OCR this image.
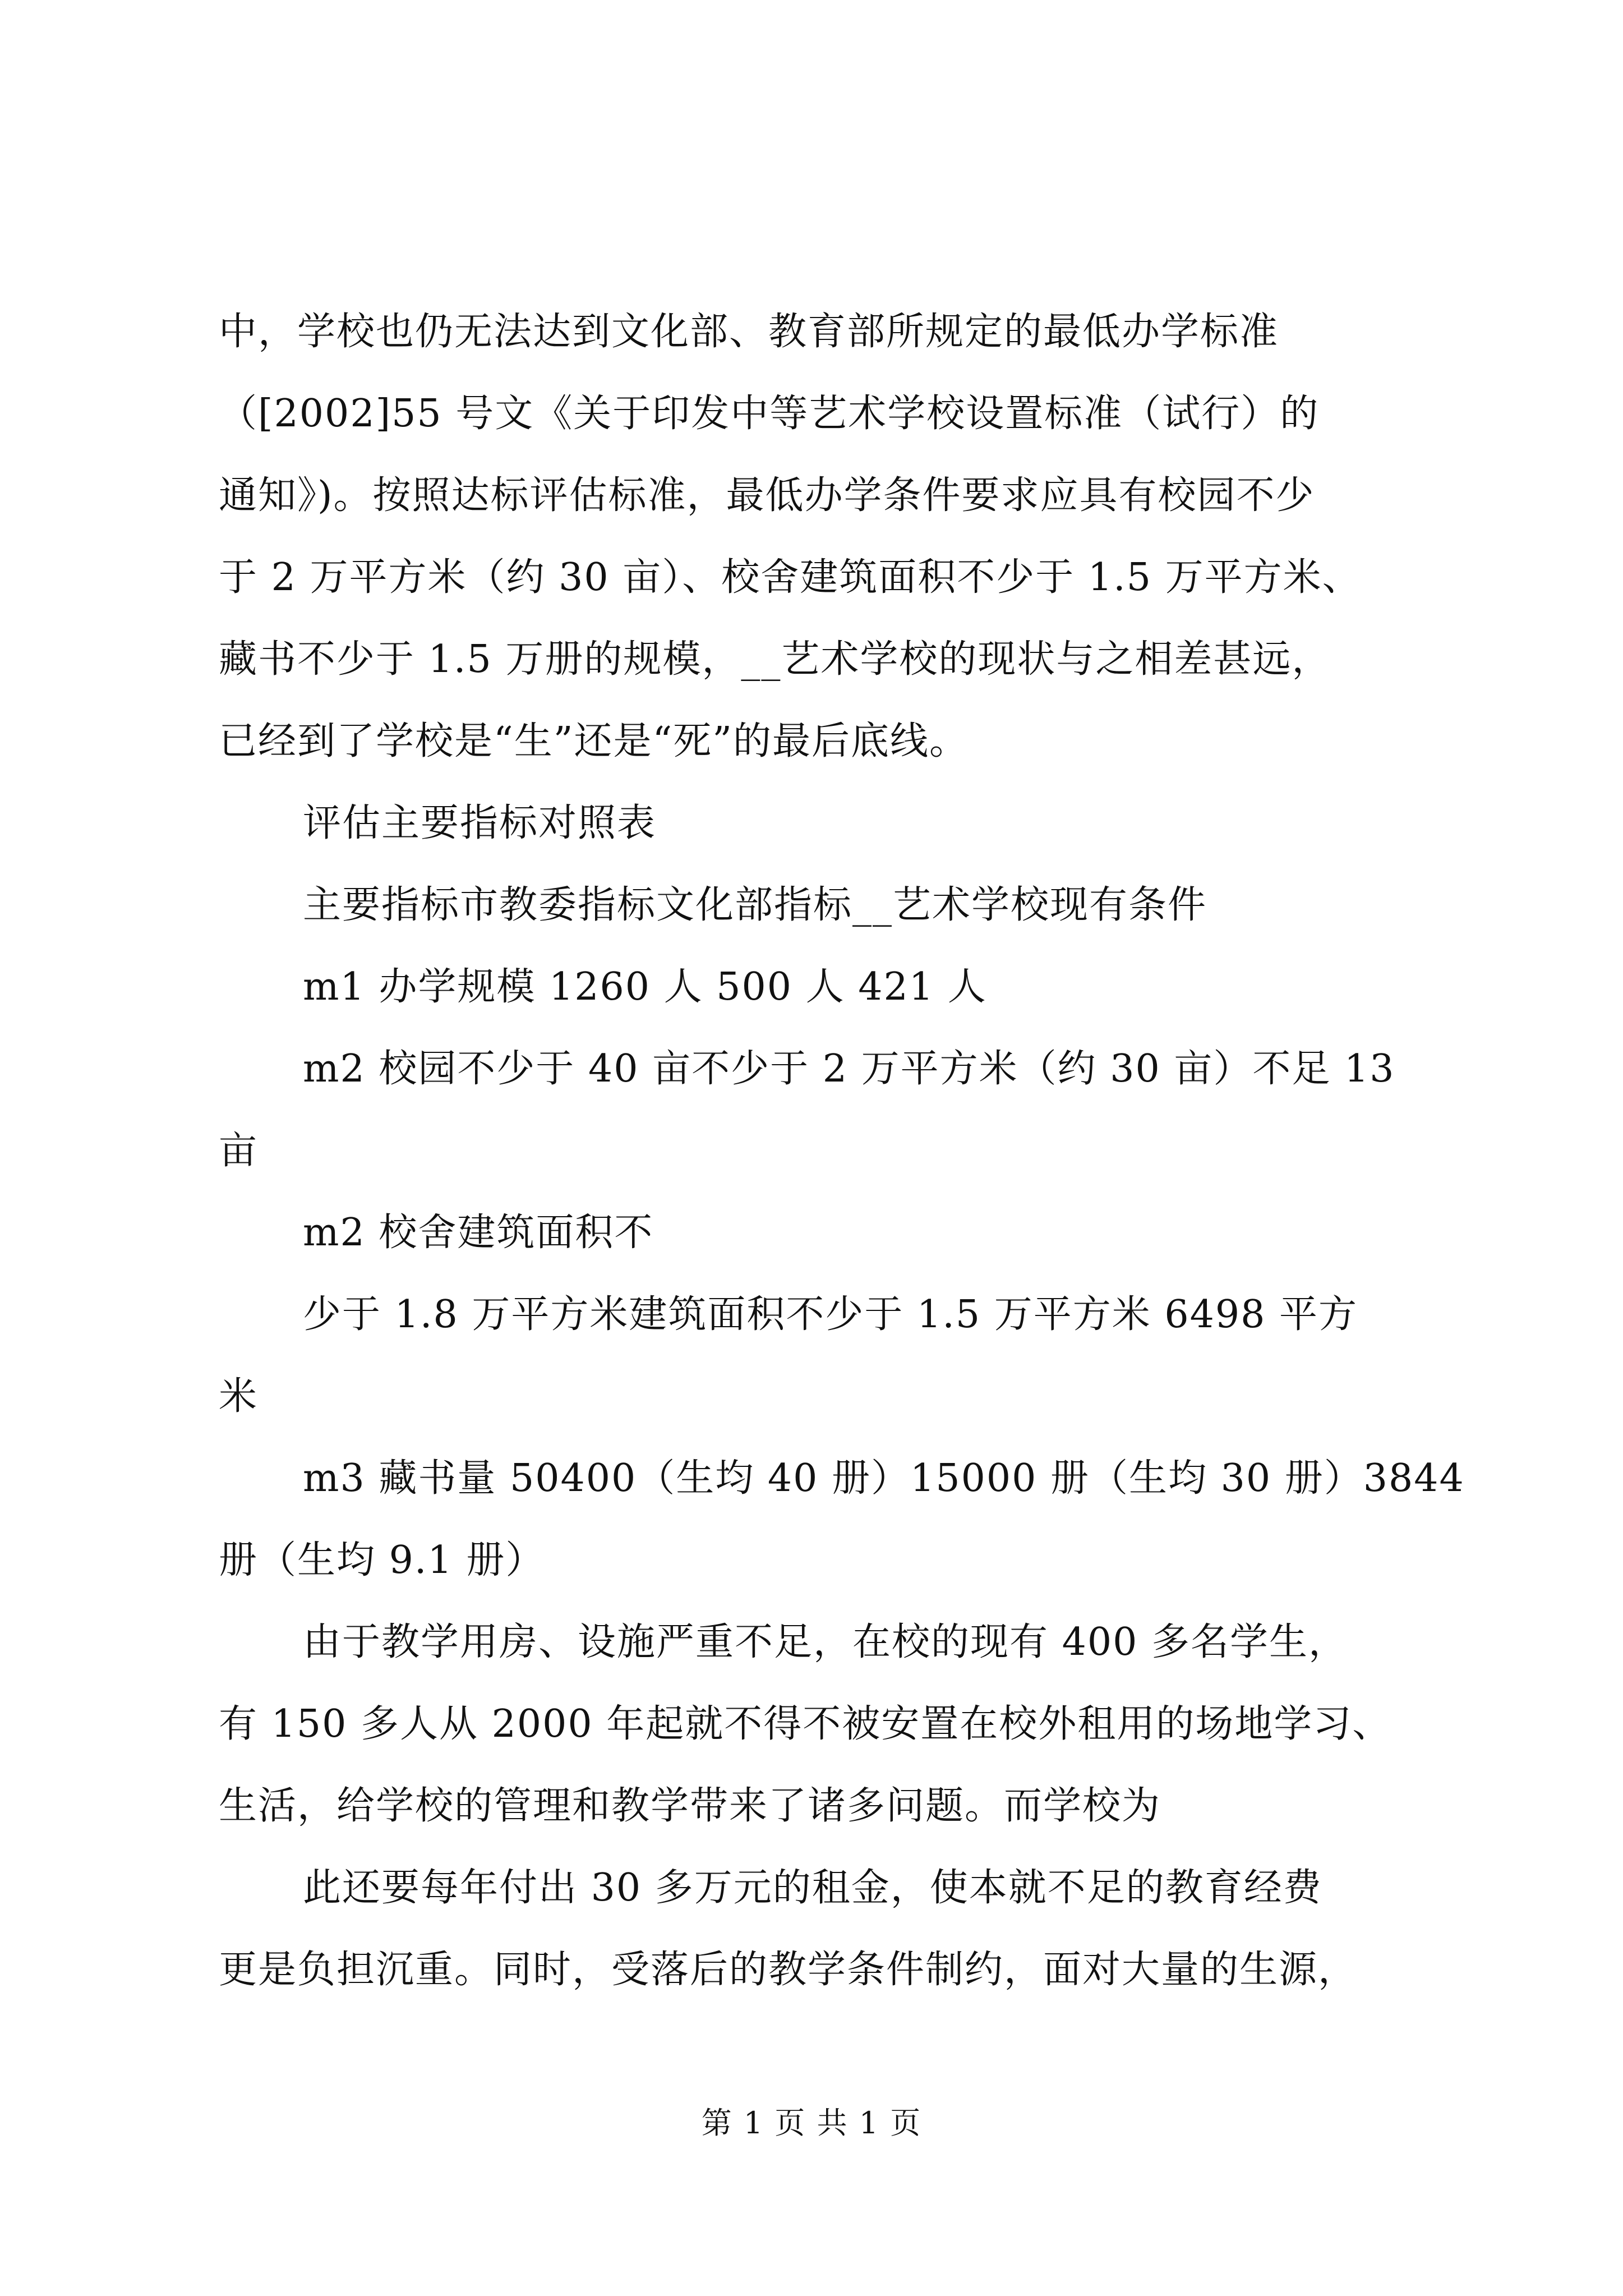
中，学校也仍无法达到文化部、教育部所规定的最低办学标准
（[2002]55 号文《关于印发中等艺术学校设置标准（试行）的
通知》)。按照达标评估标准，最低办学条件要求应具有校园不少
于 2 万平方米（约 30 亩）、校舍建筑面积不少于 1.5 万平方米、
藏书不少于 1.5 万册的规模，__艺术学校的现状与之相差甚远，
已经到了学校是“生”还是“死”的最后底线。
评估主要指标对照表
主要指标市教委指标文化部指标__艺术学校现有条件
m1 办学规模 1260 人 500 人 421 人
m2 校园不少于 40 亩不少于 2 万平方米（约 30 亩）不足 13
亩
m2 校舍建筑面积不
少于 1.8 万平方米建筑面积不少于 1.5 万平方米 6498 平方
米
m3 藏书量 50400（生均 40 册）15000 册（生均 30 册）3844
册（生均 9.1 册）
由于教学用房、设施严重不足，在校的现有 400 多名学生，
有 150 多人从 2000 年起就不得不被安置在校外租用的场地学习、
生活，给学校的管理和教学带来了诸多问题。而学校为
此还要每年付出 30 多万元的租金，使本就不足的教育经费
更是负担沉重。同时，受落后的教学条件制约，面对大量的生源，
第 1 页 共 1 页
